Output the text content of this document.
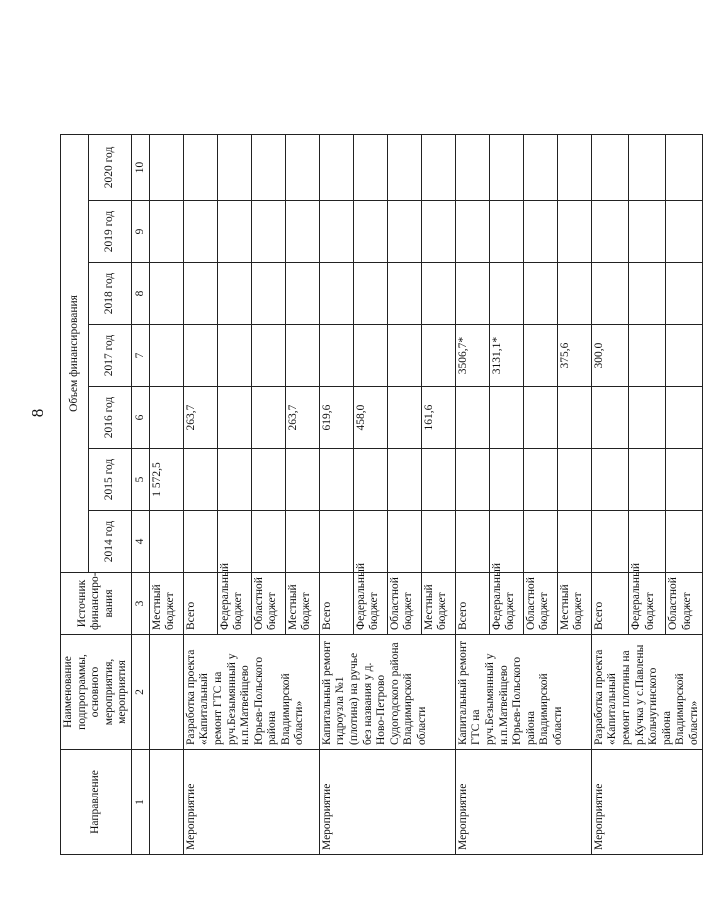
8
Направление	Наименование подпрограммы, основного мероприятия, мероприятия	Источник финансиро-вания	Объем финансирования						
			2014 год	2015 год	2016 год	2017 год	2018 год	2019 год	2020 год
1	2	3	4	5	6	7	8	9	10
		Местный бюджет		1 572,5					
Мероприятие	Разработка проекта «Капитальный ремонт ГТС на руч.Безымянный у н.п.Матвейщево Юрьев-Польского района Владимирской области»	Всего			263,7				
		Федеральный бюджет							
		Областной бюджет							
		Местный бюджет			263,7				
Мероприятие	Капитальный ремонт гидроузла №1 (плотина) на ручье без названия у д. Ново-Петрово Судогодского района Владимирской области	Всего			619,6				
		Федеральный бюджет			458,0				
		Областной бюджет							
		Местный бюджет			161,6				
Мероприятие	Капитальный ремонт ГТС на руч.Безымянный у н.п.Матвейщево Юрьев-Польского района Владимирской области	Всего				3506,7*			
		Федеральный бюджет				3131,1*			
		Областной бюджет							
		Местный бюджет				375,6			
Мероприятие	Разработка проекта «Капитальный ремонт плотины на р.Кучка у с.Павлены Кольчугинского района Владимирской области»	Всего				300,0			
		Федеральный бюджет							
		Областной бюджет							
